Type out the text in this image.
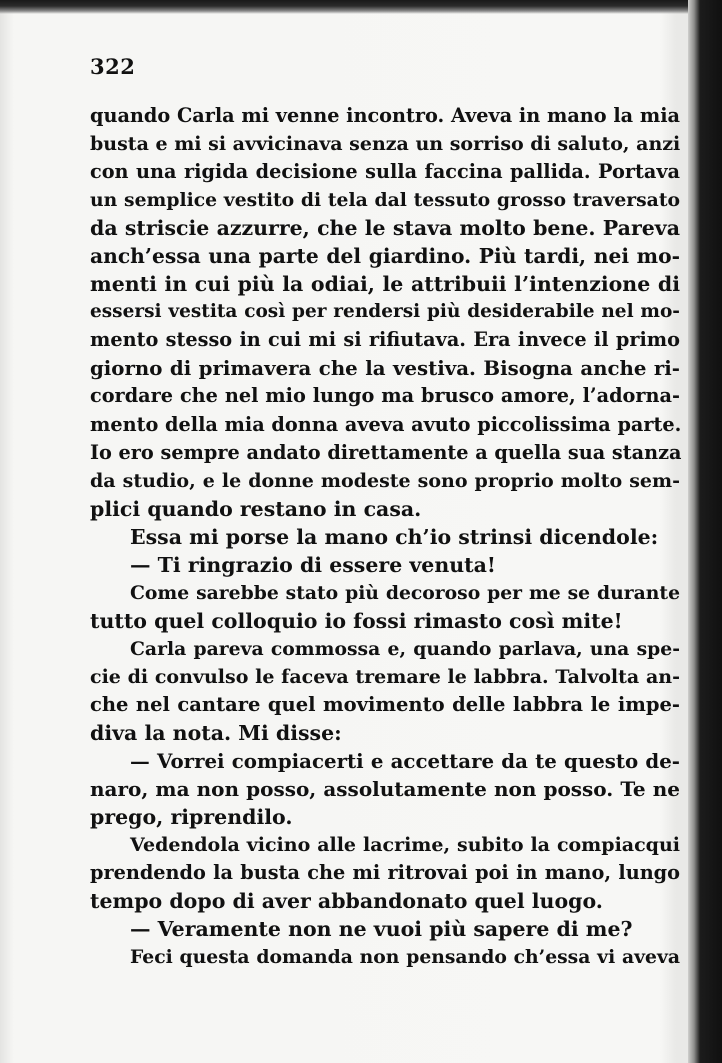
322
quando Carla mi venne incontro. Aveva in mano la mia
busta e mi si avvicinava senza un sorriso di saluto, anzi
con una rigida decisione sulla faccina pallida. Portava
un semplice vestito di tela dal tessuto grosso traversato
da striscie azzurre, che le stava molto bene. Pareva
anch’essa una parte del giardino. Più tardi, nei mo-
menti in cui più la odiai, le attribuii l’intenzione di
essersi vestita così per rendersi più desiderabile nel mo-
mento stesso in cui mi si rifiutava. Era invece il primo
giorno di primavera che la vestiva. Bisogna anche ri-
cordare che nel mio lungo ma brusco amore, l’adorna-
mento della mia donna aveva avuto piccolissima parte.
Io ero sempre andato direttamente a quella sua stanza
da studio, e le donne modeste sono proprio molto sem-
plici quando restano in casa.
Essa mi porse la mano ch’io strinsi dicendole:
— Ti ringrazio di essere venuta!
Come sarebbe stato più decoroso per me se durante
tutto quel colloquio io fossi rimasto così mite!
Carla pareva commossa e, quando parlava, una spe-
cie di convulso le faceva tremare le labbra. Talvolta an-
che nel cantare quel movimento delle labbra le impe-
diva la nota. Mi disse:
— Vorrei compiacerti e accettare da te questo de-
naro, ma non posso, assolutamente non posso. Te ne
prego, riprendilo.
Vedendola vicino alle lacrime, subito la compiacqui
prendendo la busta che mi ritrovai poi in mano, lungo
tempo dopo di aver abbandonato quel luogo.
— Veramente non ne vuoi più sapere di me?
Feci questa domanda non pensando ch’essa vi aveva
